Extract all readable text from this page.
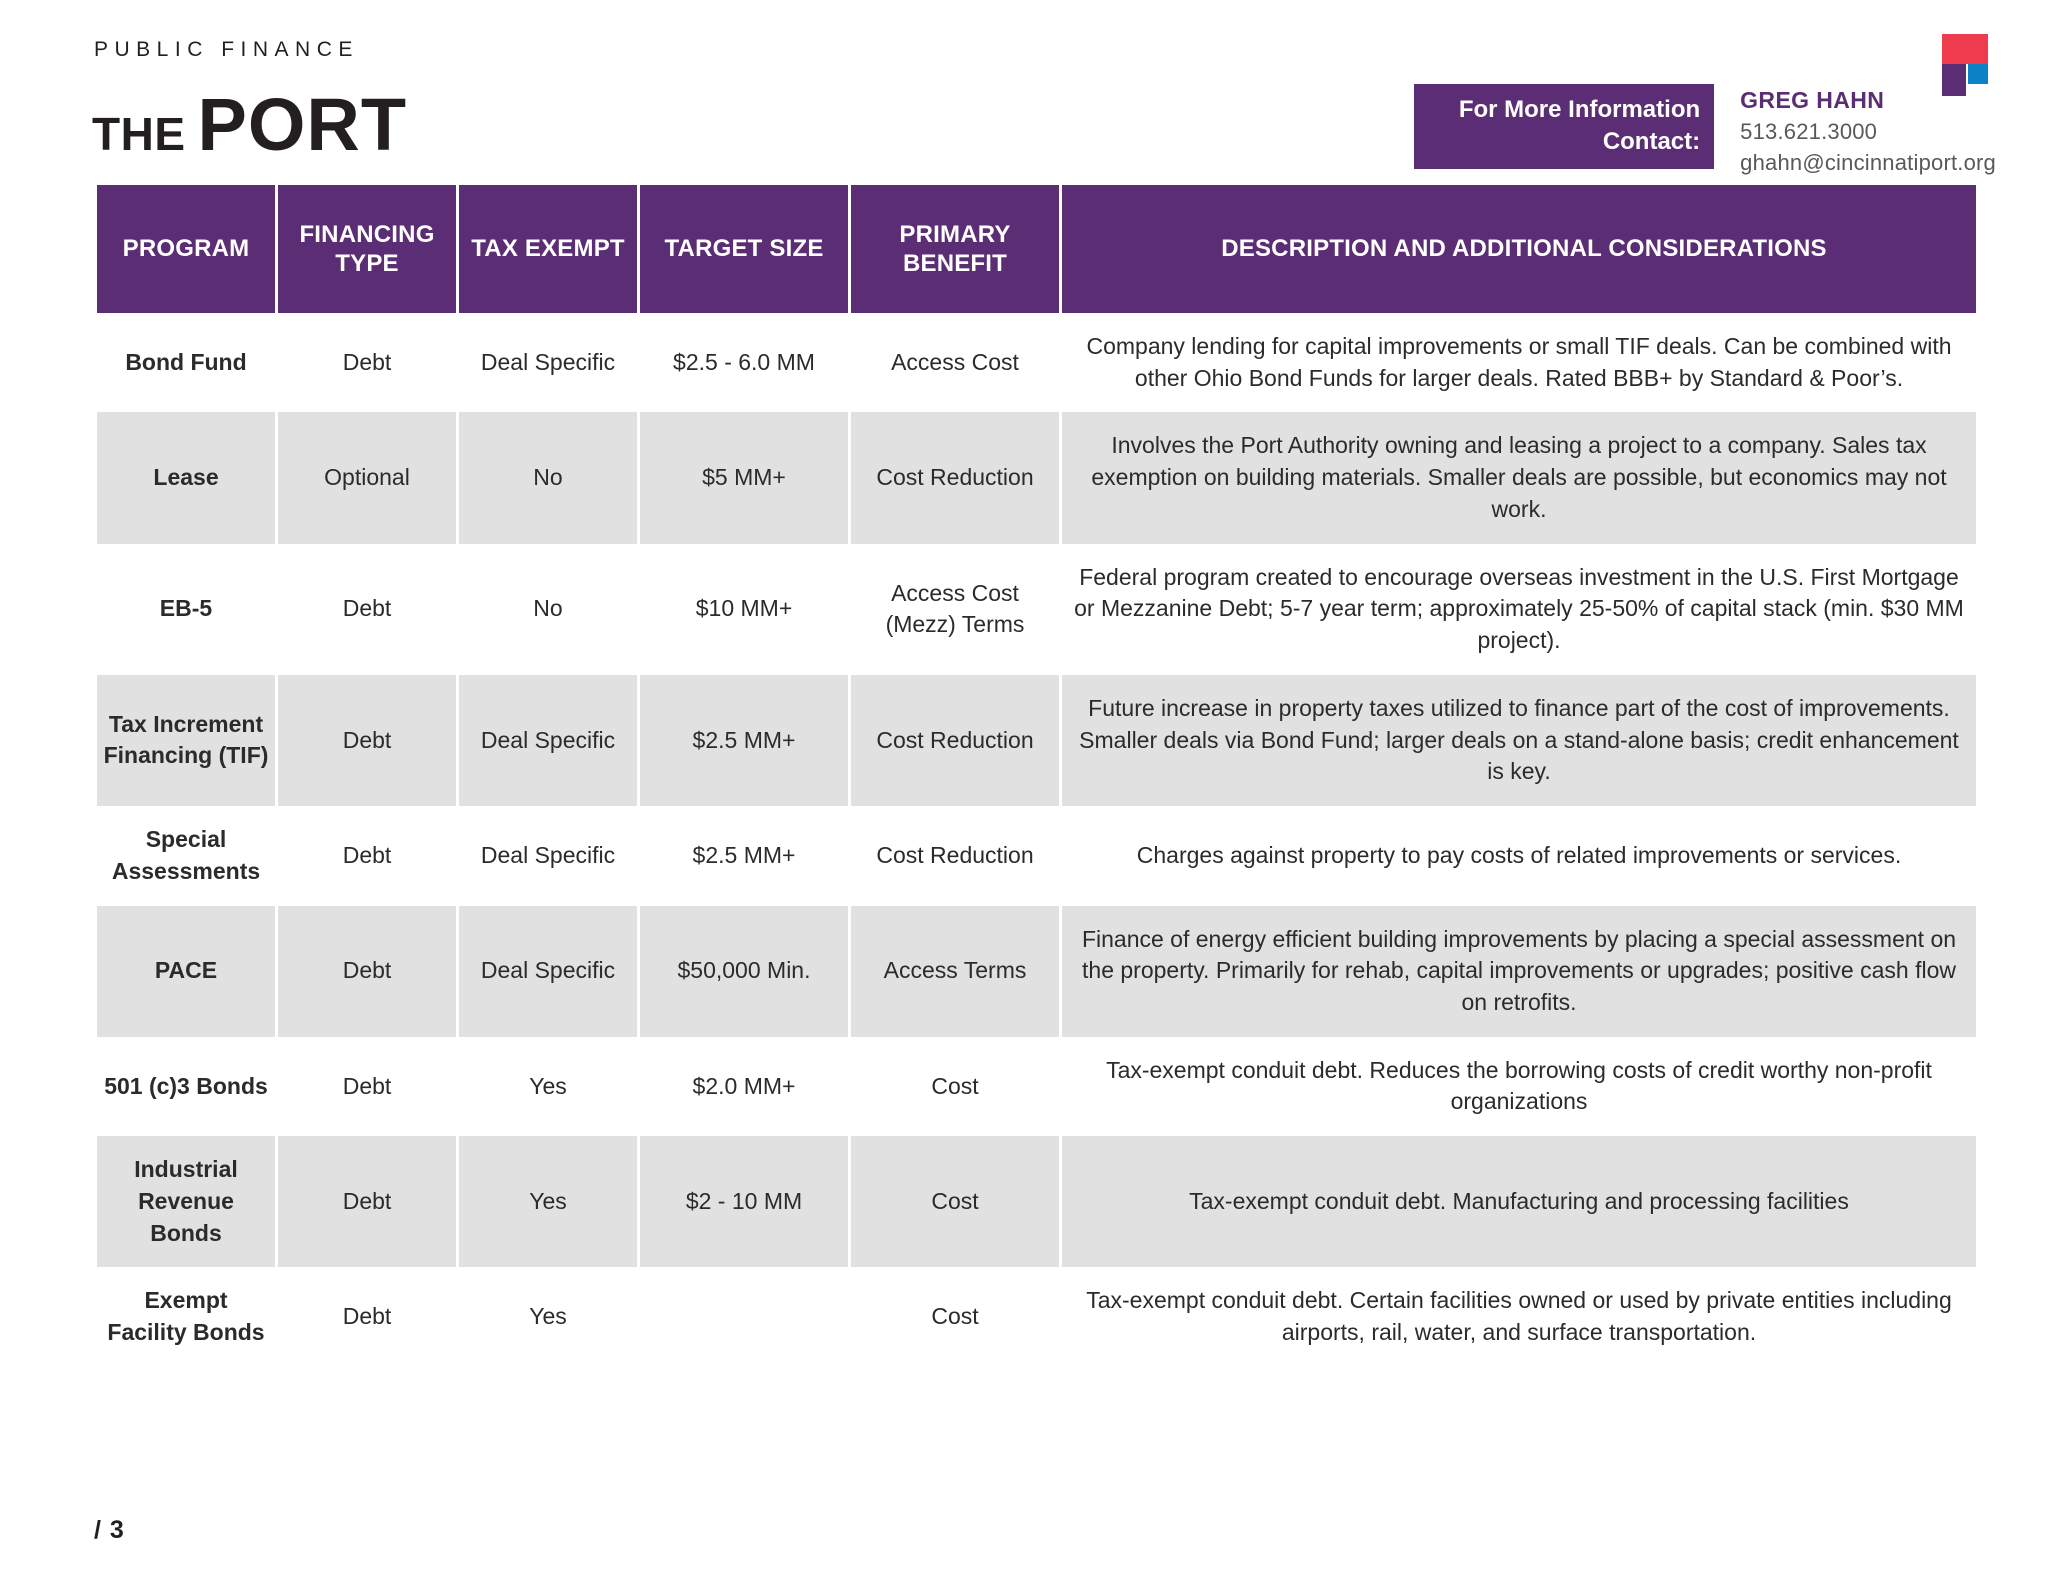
PUBLIC FINANCE
THE PORT	For More Information
Contact:
GREG HAHN
513.621.3000
ghahn@cincinnatiport.org
PROGRAM	FINANCING TYPE	TAX EXEMPT	TARGET SIZE	PRIMARY BENEFIT	DESCRIPTION AND ADDITIONAL CONSIDERATIONS
Bond Fund	Debt	Deal Specific	$2.5 - 6.0 MM	Access Cost	Company lending for capital improvements or small TIF deals. Can be combined with other Ohio Bond Funds for larger deals. Rated BBB+ by Standard & Poor’s.
Lease	Optional	No	$5 MM+	Cost Reduction	Involves the Port Authority owning and leasing a project to a company. Sales tax exemption on building materials. Smaller deals are possible, but economics may not work.
EB-5	Debt	No	$10 MM+	Access Cost (Mezz) Terms	Federal program created to encourage overseas investment in the U.S. First Mortgage or Mezzanine Debt; 5-7 year term; approximately 25-50% of capital stack (min. $30 MM project).
Tax Increment Financing (TIF)	Debt	Deal Specific	$2.5 MM+	Cost Reduction	Future increase in property taxes utilized to finance part of the cost of improvements. Smaller deals via Bond Fund; larger deals on a stand-alone basis; credit enhancement is key.
Special Assessments	Debt	Deal Specific	$2.5 MM+	Cost Reduction	Charges against property to pay costs of related improvements or services.
PACE	Debt	Deal Specific	$50,000 Min.	Access Terms	Finance of energy efficient building improvements by placing a special assessment on the property. Primarily for rehab, capital improvements or upgrades; positive cash flow on retrofits.
501 (c)3 Bonds	Debt	Yes	$2.0 MM+	Cost	Tax-exempt conduit debt. Reduces the borrowing costs of credit worthy non-profit organizations
Industrial Revenue Bonds	Debt	Yes	$2 - 10 MM	Cost	Tax-exempt conduit debt. Manufacturing and processing facilities
Exempt Facility Bonds	Debt	Yes		Cost	Tax-exempt conduit debt. Certain facilities owned or used by private entities including airports, rail, water, and surface transportation.
/ 3
